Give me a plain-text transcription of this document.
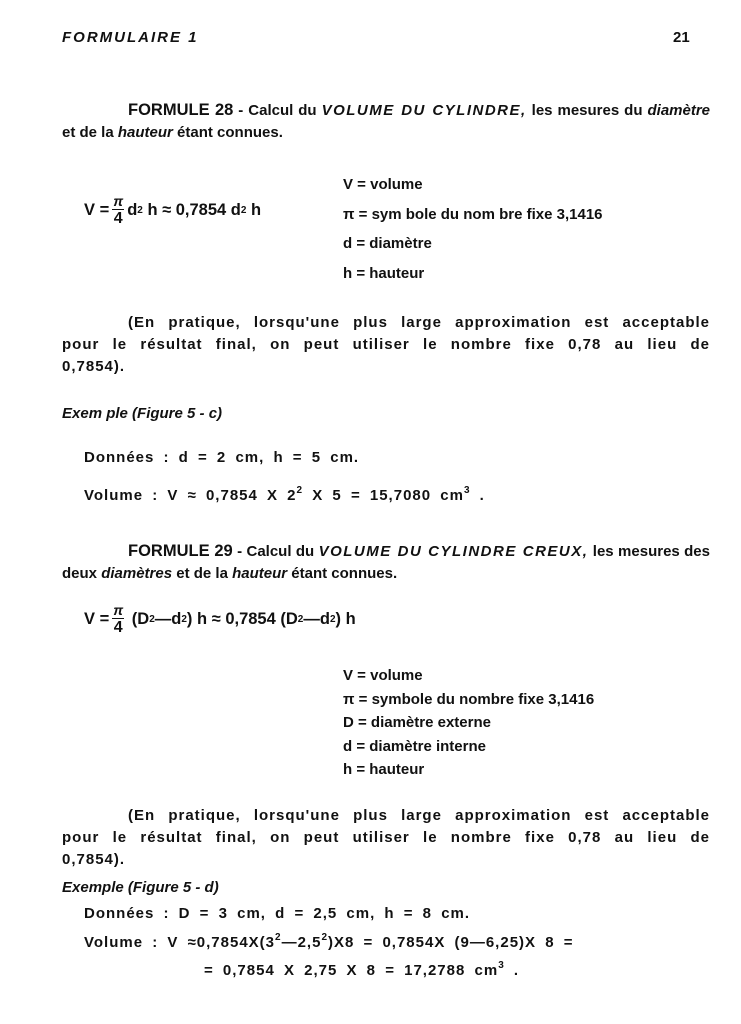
FORMULAIRE 1	21
FORMULE 28 - Calcul du VOLUME DU CYLINDRE, les mesures du diamètre et de la hauteur étant connues.
$V = \frac{\pi}{4}$ d 2 h ≈ 0,7854 d 2 h
V = volume
π = sym bole du nom bre fixe 3,1416
d = diamètre
h = hauteur
(En pratique, lorsqu'une plus large approximation est acceptable pour le résultat final, on peut utiliser le nombre fixe 0,78 au lieu de 0,7854).
Exem ple (Figure 5 - c)
Données : d = 2 cm, h = 5 cm.
Volume : V ≈ 0,7854 X $2^2$ X 5 = 15,7080 $cm^3$ .
FORMULE 29 - Calcul du VOLUME DU CYLINDRE CREUX, les mesures des deux diamètres et de la hauteur étant connues.
$V = \frac{\pi}{4} (D$ 2 —d 2 ) h ≈ 0,7854 (D 2 —d 2 ) h
V = volume
π = symbole du nombre fixe 3,1416
D = diamètre externe
d = diamètre interne
h = hauteur
(En pratique, lorsqu'une plus large approximation est acceptable pour le résultat final, on peut utiliser le nombre fixe 0,78 au lieu de 0,7854).
Exemple (Figure 5 - d)
Données : D = 3 cm, d = 2,5 cm, h = 8 cm.
Volume : $V \approx 0,7854X(3^2—2,5^2)X8 = 0,7854X$ (9—6,25)X 8 =
= 0,7854 X 2,75 X 8 = 17,2788 $cm^3$ .
